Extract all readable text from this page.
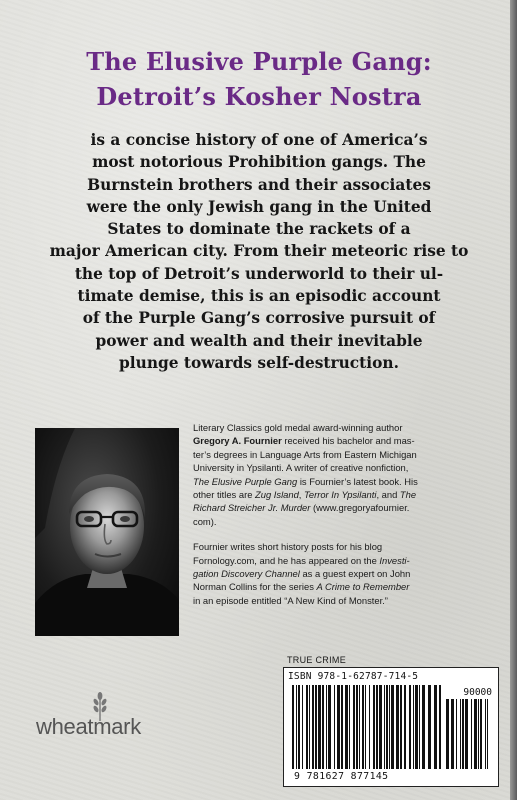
The Elusive Purple Gang:
Detroit’s Kosher Nostra
is a concise history of one of America’s
most notorious Prohibition gangs. The
Burnstein brothers and their associates
were the only Jewish gang in the United
States to dominate the rackets of a
major American city. From their meteoric rise to
the top of Detroit’s underworld to their ul-
timate demise, this is an episodic account
of the Purple Gang’s corrosive pursuit of
power and wealth and their inevitable
plunge towards self-destruction.

Literary Classics gold medal award-winning author
Gregory A. Fournier received his bachelor and mas-
ter’s degrees in Language Arts from Eastern Michigan
University in Ypsilanti. A writer of creative nonfiction,
The Elusive Purple Gang is Fournier’s latest book. His
other titles are Zug Island, Terror In Ypsilanti, and The
Richard Streicher Jr. Murder (www.gregoryafournier.
com).

Fournier writes short history posts for his blog
Fornology.com, and he has appeared on the Investi-
gation Discovery Channel as a guest expert on John
Norman Collins for the series A Crime to Remember
in an episode entitled “A New Kind of Monster.”

TRUE CRIME
ISBN 978-1-62787-714-5
90000
9 781627 877145
wheatmark
